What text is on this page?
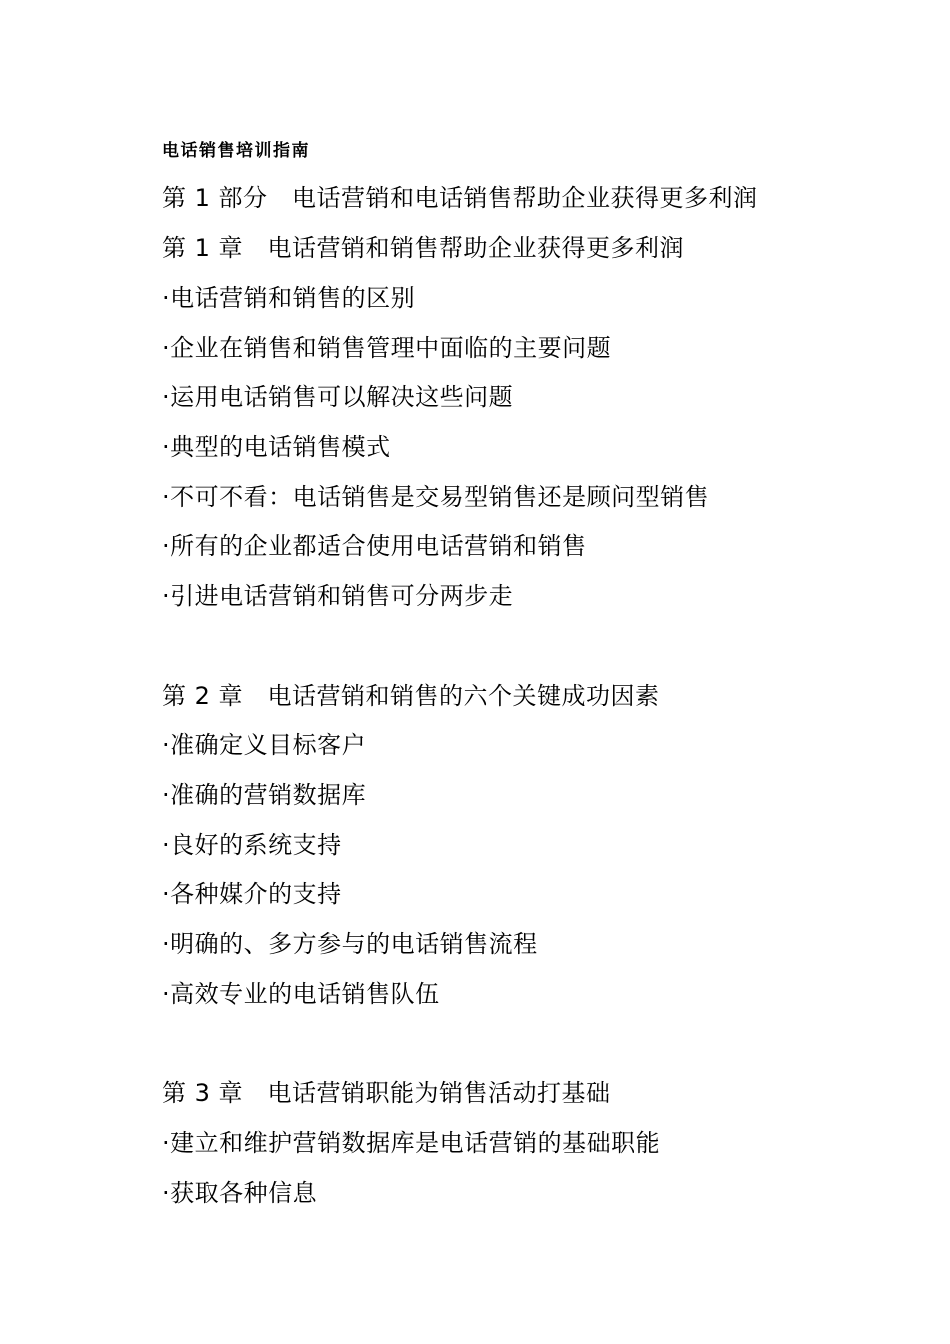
电话销售培训指南
第 1 部分　电话营销和电话销售帮助企业获得更多利润
第 1 章　电话营销和销售帮助企业获得更多利润
·电话营销和销售的区别
·企业在销售和销售管理中面临的主要问题
·运用电话销售可以解决这些问题
·典型的电话销售模式
·不可不看：电话销售是交易型销售还是顾问型销售
·所有的企业都适合使用电话营销和销售
·引进电话营销和销售可分两步走
第 2 章　电话营销和销售的六个关键成功因素
·准确定义目标客户
·准确的营销数据库
·良好的系统支持
·各种媒介的支持
·明确的、多方参与的电话销售流程
·高效专业的电话销售队伍
第 3 章　电话营销职能为销售活动打基础
·建立和维护营销数据库是电话营销的基础职能
·获取各种信息
